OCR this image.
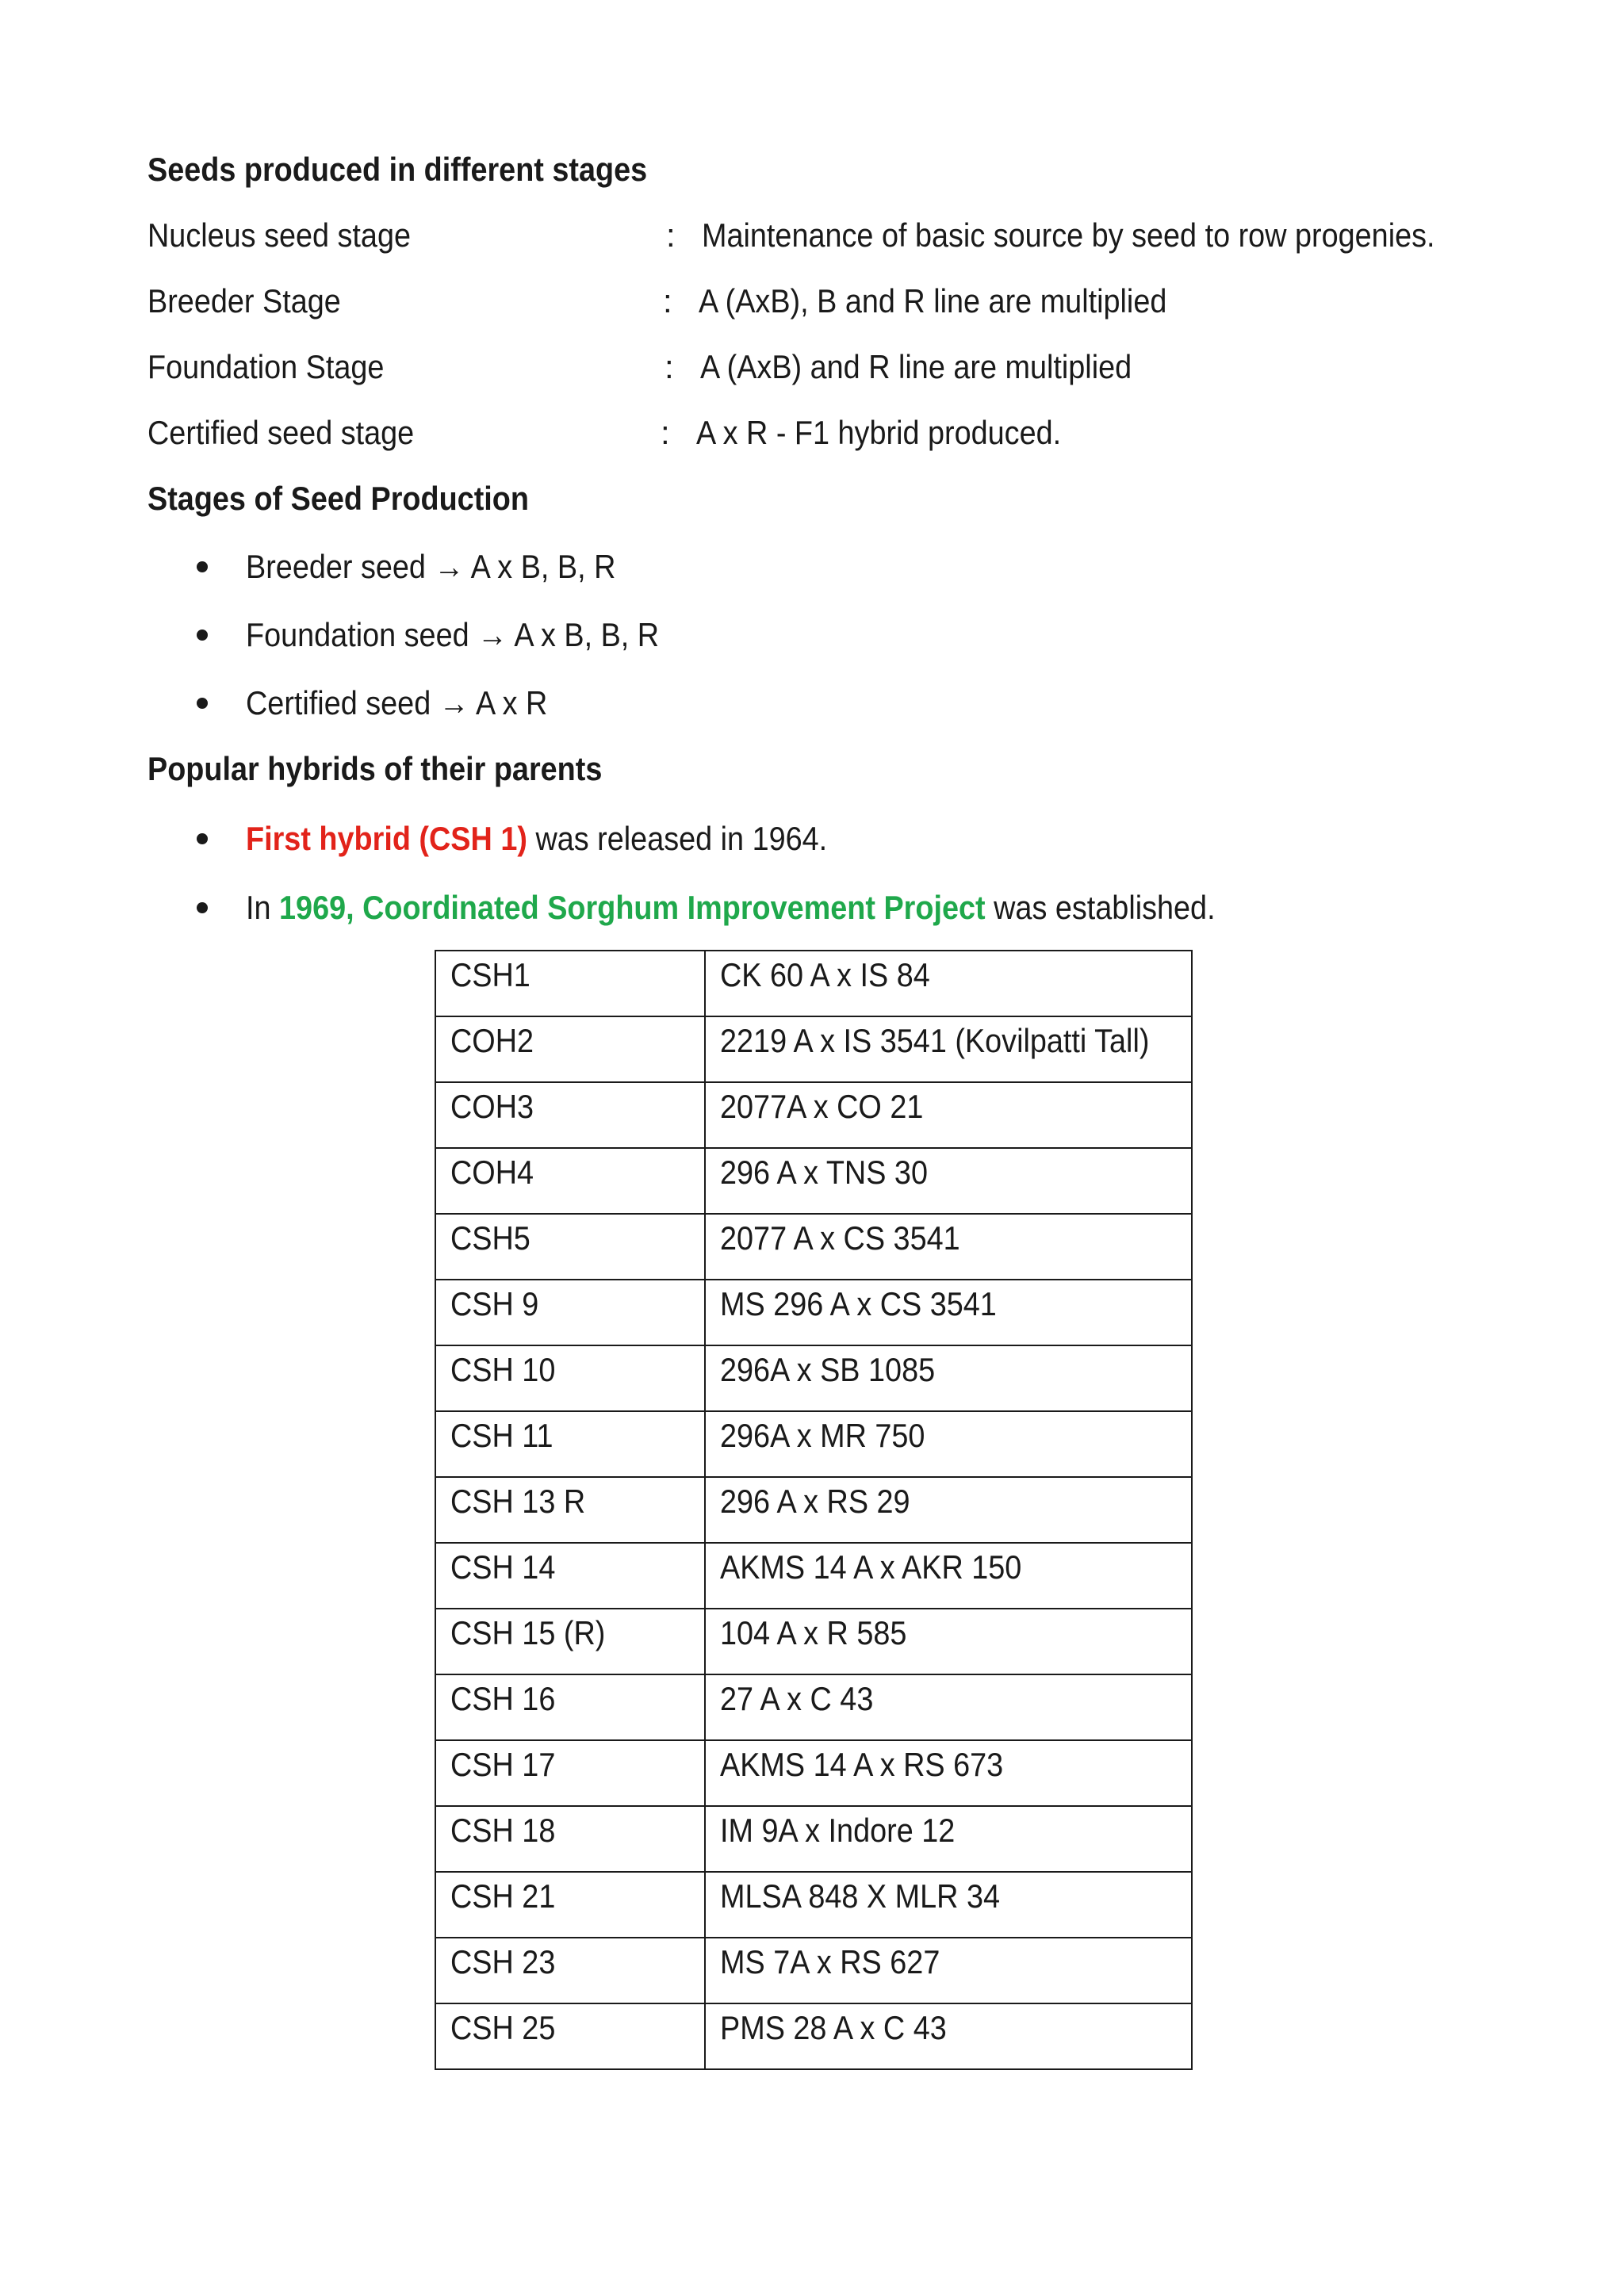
Seeds produced in different stages
Nucleus seed stage	: Maintenance of basic source by seed to row progenies.
Breeder Stage	: A (AxB), B and R line are multiplied
Foundation Stage	: A (AxB) and R line are multiplied
Certified seed stage	: A x R - F1 hybrid produced.
Stages of Seed Production
Breeder seed → A x B, B, R
Foundation seed → A x B, B, R
Certified seed → A x R
Popular hybrids of their parents
First hybrid (CSH 1) was released in 1964.
In 1969, Coordinated Sorghum Improvement Project was established.
CSH1	CK 60 A x IS 84
COH2	2219 A x IS 3541 (Kovilpatti Tall)
COH3	2077A x CO 21
COH4	296 A x TNS 30
CSH5	2077 A x CS 3541
CSH 9	MS 296 A x CS 3541
CSH 10	296A x SB 1085
CSH 11	296A x MR 750
CSH 13 R	296 A x RS 29
CSH 14	AKMS 14 A x AKR 150
CSH 15 (R)	104 A x R 585
CSH 16	27 A x C 43
CSH 17	AKMS 14 A x RS 673
CSH 18	IM 9A x Indore 12
CSH 21	MLSA 848 X MLR 34
CSH 23	MS 7A x RS 627
CSH 25	PMS 28 A x C 43
